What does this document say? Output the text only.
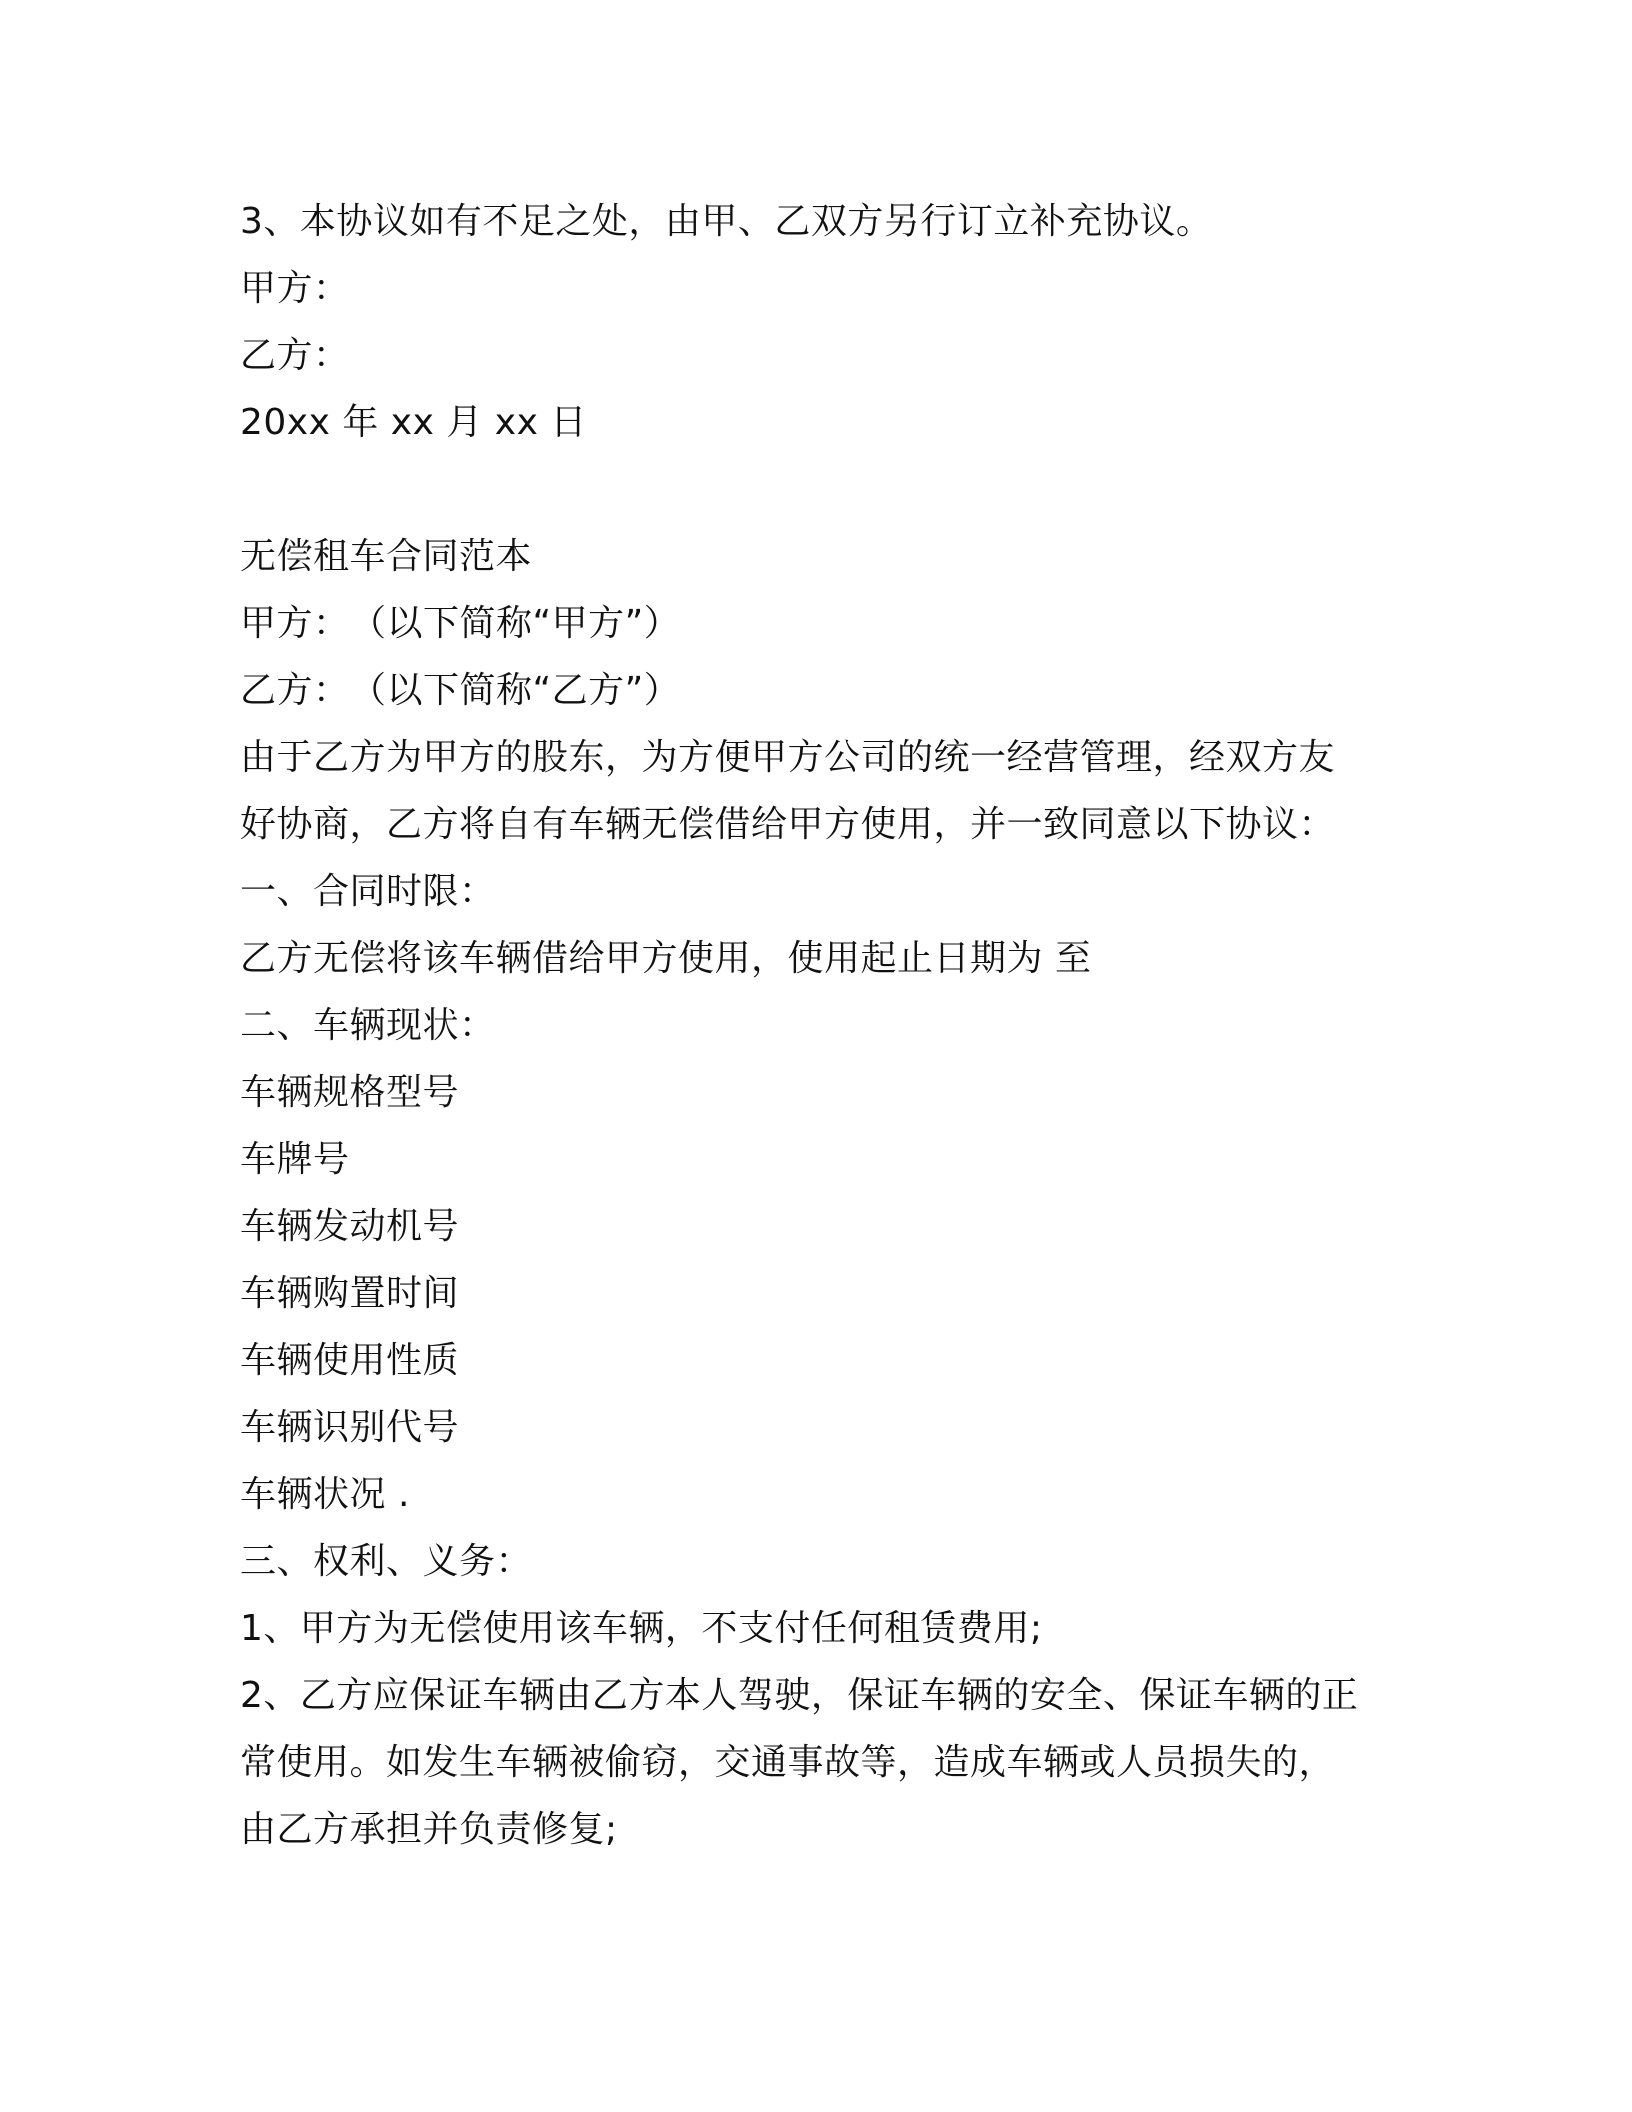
3、本协议如有不足之处，由甲、乙双方另行订立补充协议。
甲方：
乙方：
20xx 年 xx 月 xx 日
无偿租车合同范本
甲方：　（以下简称“甲方”）
乙方：　（以下简称“乙方”）
由于乙方为甲方的股东，为方便甲方公司的统一经营管理，经双方友
好协商，乙方将自有车辆无偿借给甲方使用，并一致同意以下协议：
一、合同时限：
乙方无偿将该车辆借给甲方使用，使用起止日期为 至
二、车辆现状：
车辆规格型号
车牌号
车辆发动机号
车辆购置时间
车辆使用性质
车辆识别代号
车辆状况 .
三、权利、义务：
1、甲方为无偿使用该车辆，不支付任何租赁费用;
2、乙方应保证车辆由乙方本人驾驶，保证车辆的安全、保证车辆的正
常使用。如发生车辆被偷窃，交通事故等，造成车辆或人员损失的，
由乙方承担并负责修复;
